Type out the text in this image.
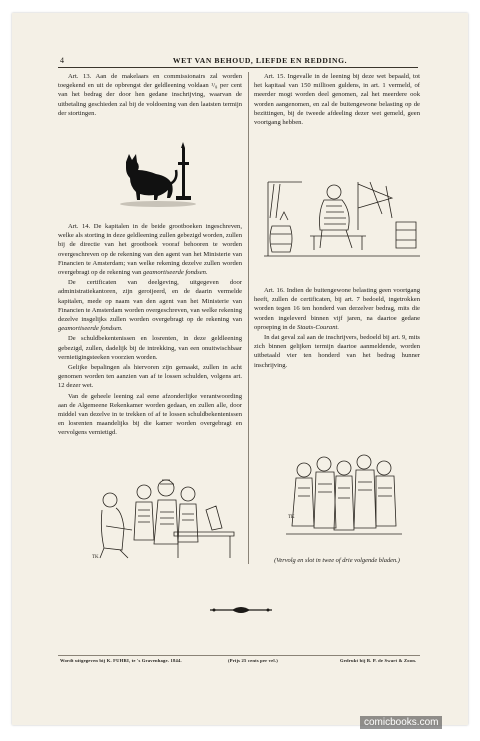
4	WET VAN BEHOUD, LIEFDE EN REDDING.

Art. 13. Aan de makelaars en commissionairs zal worden toegekend en uit de opbrengst der geldleening voldaan ¹/₈ per cent van het bedrag der door hen gedane inschrijving, waarvan de uitbetaling geschieden zal bij de voldoening van den laatsten termijn der stortingen.

Art. 14. De kapitalen in de beide grootboeken ingeschreven, welke als storting in deze geldleening zullen gebezigd worden, zullen bij de directie van het grootboek vooraf behooren te worden overgeschreven op de rekening van den agent van het Ministerie van Financien te Amsterdam; van welke rekening dezelve zullen worden overgebragt op de rekening van geamortiseerde fondsen.

De certificaten van deelgeving, uitgegeven door administratiekantoren, zijn geroijeerd, en de daarin vermelde kapitalen, mede op naam van den agent van het Ministerie van Financien te Amsterdam worden overgeschreven, van welke rekening dezelve insgelijks zullen worden overgebragt op de rekening van geamortiseerde fondsen.

De schuldbekentenissen en losrenten, in deze geldleening gebezigd, zullen, dadelijk bij de intrekking, van een onuitwischbaar vernietigingsteeken voorzien worden.

Gelijke bepalingen als hiervoren zijn gemaakt, zullen in acht genomen worden ten aanzien van af te lossen schulden, volgens art. 12 dezer wet.

Van de geheele leening zal eene afzonderlijke verantwoording aan de Algemeene Rekenkamer worden gedaan, en zullen alle, door middel van dezelve in te trekken of af te lossen schuldbekentenissen en losrenten maandelijks bij die kamer worden overgebragt en vervolgens vernietigd.

TK

Art. 15. Ingevalle in de leening bij deze wet bepaald, tot het kapitaal van 150 millioen guldens, in art. 1 vermeld, of meerder mogt worden deel genomen, zal het meerdere ook worden aangenomen, en zal de buitengewone belasting op de bezittingen, bij de tweede afdeeling dezer wet gemeld, geen voortgang hebben.

Art. 16. Indien de buitengewone belasting geen voortgang heeft, zullen de certificaten, bij art. 7 bedoeld, ingetrokken worden tegen 16 ten honderd van derzelver bedrag, mits die worden ingeleverd binnen vijf jaren, na daartoe gedane oproeping in de Staats-Courant.

In dat geval zal aan de inschrijvers, bedoeld bij art. 9, mits zich binnen gelijken termijn daartoe aanmeldende, worden uitbetaald vier ten honderd van het bedrag hunner inschrijving.

TK
(Vervolg en slot in twee of drie volgende bladen.)
Wordt uitgegeven bij K. FUHRI, te 's Gravenhage. 1844.	(Prijs 25 cents per vel.)	Gedrukt bij B. P. de Swart & Zoon.
comicbooks.com
